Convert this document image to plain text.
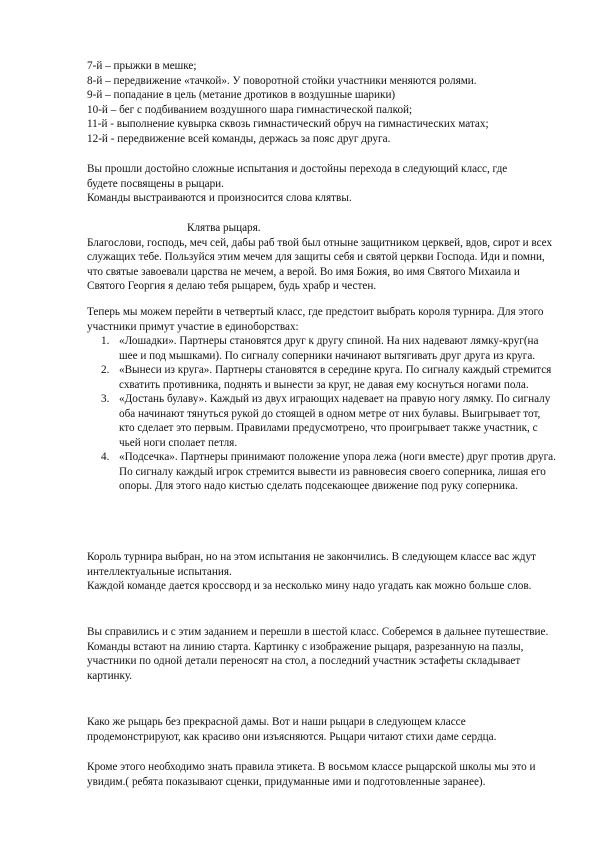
7-й – прыжки в мешке;
8-й – передвижение «тачкой». У поворотной стойки участники меняются ролями.
9-й – попадание в цель (метание дротиков в воздушные шарики)
10-й – бег с подбиванием воздушного шара гимнастической палкой;
11-й - выполнение кувырка сквозь гимнастический обруч на гимнастических матах;
12-й - передвижение всей команды, держась за пояс друг друга.
Вы прошли достойно сложные испытания и достойны перехода в следующий класс, где
будете посвящены в рыцари.
Команды выстраиваются и произносится слова клятвы.
Клятва рыцаря.
Благослови, господь, меч сей, дабы раб твой был отныне защитником церквей, вдов, сирот и всех служащих тебе. Пользуйся этим мечем для защиты себя и святой церкви Господа. Иди и помни, что святые завоевали царства не мечем, а верой. Во имя Божия, во имя Святого Михаила и Святого Георгия я делаю тебя рыцарем, будь храбр и честен.
Теперь мы можем перейти в четвертый класс, где предстоит выбрать короля турнира. Для этого участники примут участие в единоборствах:
1. «Лошадки». Партнеры становятся друг к другу спиной. На них надевают лямку-круг(на шее и под мышками). По сигналу соперники начинают вытягивать друг друга из круга.
2. «Вынеси из круга». Партнеры становятся в середине круга. По сигналу каждый стремится схватить противника, поднять и вынести за круг, не давая ему коснуться ногами пола.
3. «Достань булаву». Каждый из двух играющих надевает на правую ногу лямку. По сигналу оба начинают тянуться рукой до стоящей в одном метре от них булавы. Выигрывает тот, кто сделает это первым. Правилами предусмотрено, что проигрывает также участник, с чьей ноги сполает петля.
4. «Подсечка». Партнеры принимают положение упора лежа (ноги вместе) друг против друга. По сигналу каждый игрок стремится вывести из равновесия своего соперника, лишая его опоры. Для этого надо кистью сделать подсекающее движение под руку соперника.
Король турнира выбран, но на этом испытания не закончились. В следующем классе вас ждут интеллектуальные испытания.
Каждой команде дается кроссворд и за несколько мину надо угадать как можно больше слов.
Вы справились и с этим заданием и перешли в шестой класс. Соберемся в дальнее путешествие.
Команды встают на линию старта. Картинку с изображение рыцаря, разрезанную на пазлы, участники по одной детали переносят на стол, а последний участник эстафеты складывает картинку.
Како же рыцарь без прекрасной дамы. Вот и наши рыцари в следующем классе продемонстрируют, как красиво они изъясняются. Рыцари читают стихи даме сердца.
Кроме этого необходимо знать правила этикета. В восьмом классе рыцарской школы мы это и увидим.( ребята показывают сценки, придуманные ими и подготовленные заранее).
